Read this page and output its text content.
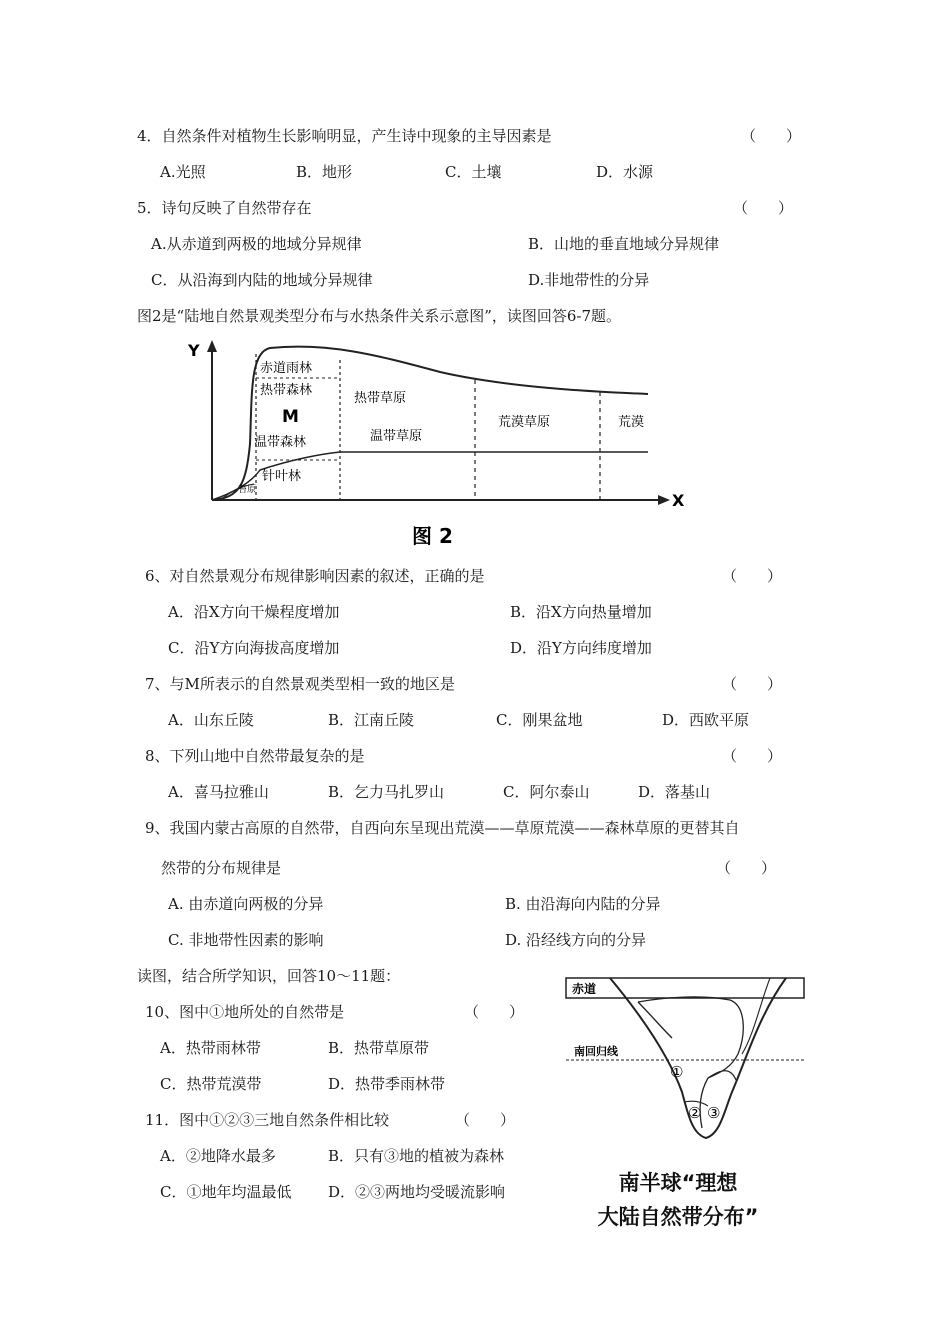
4．自然条件对植物生长影响明显，产生诗中现象的主导因素是	（　　）
A.光照	B．地形	C．土壤	D．水源
5．诗句反映了自然带存在	（　　）
A.从赤道到两极的地域分异规律	B．山地的垂直地域分异规律
C．从沿海到内陆的地域分异规律	D.非地带性的分异
图2是“陆地自然景观类型分布与水热条件关系示意图”，读图回答6-7题。
Y
X
赤道雨林
热带森林
M
温带森林
针叶林
苔原
热带草原
温带草原
荒漠草原	荒漠
图 2
6、对自然景观分布规律影响因素的叙述，正确的是	（　　）
A．沿X方向干燥程度增加	B．沿X方向热量增加
C．沿Y方向海拔高度增加	D．沿Y方向纬度增加
7、与M所表示的自然景观类型相一致的地区是	（　　）
A．山东丘陵	B．江南丘陵	C．刚果盆地	D．西欧平原
8、下列山地中自然带最复杂的是	（　　）
A．喜马拉雅山	B．乞力马扎罗山	C．阿尔泰山	D．落基山
9、我国内蒙古高原的自然带，自西向东呈现出荒漠——草原荒漠——森林草原的更替其自
然带的分布规律是	（　　）
A. 由赤道向两极的分异	B. 由沿海向内陆的分异
C. 非地带性因素的影响	D. 沿经线方向的分异
读图，结合所学知识，回答10～11题：
10、图中①地所处的自然带是	（　　）
A．热带雨林带	B．热带草原带
C．热带荒漠带	D．热带季雨林带
11．图中①②③三地自然条件相比较	（　　）
A．②地降水最多	B．只有③地的植被为森林
C．①地年均温最低 D．②③两地均受暖流影响
赤道
南回归线
①
② ③
南半球“理想
大陆自然带分布”
